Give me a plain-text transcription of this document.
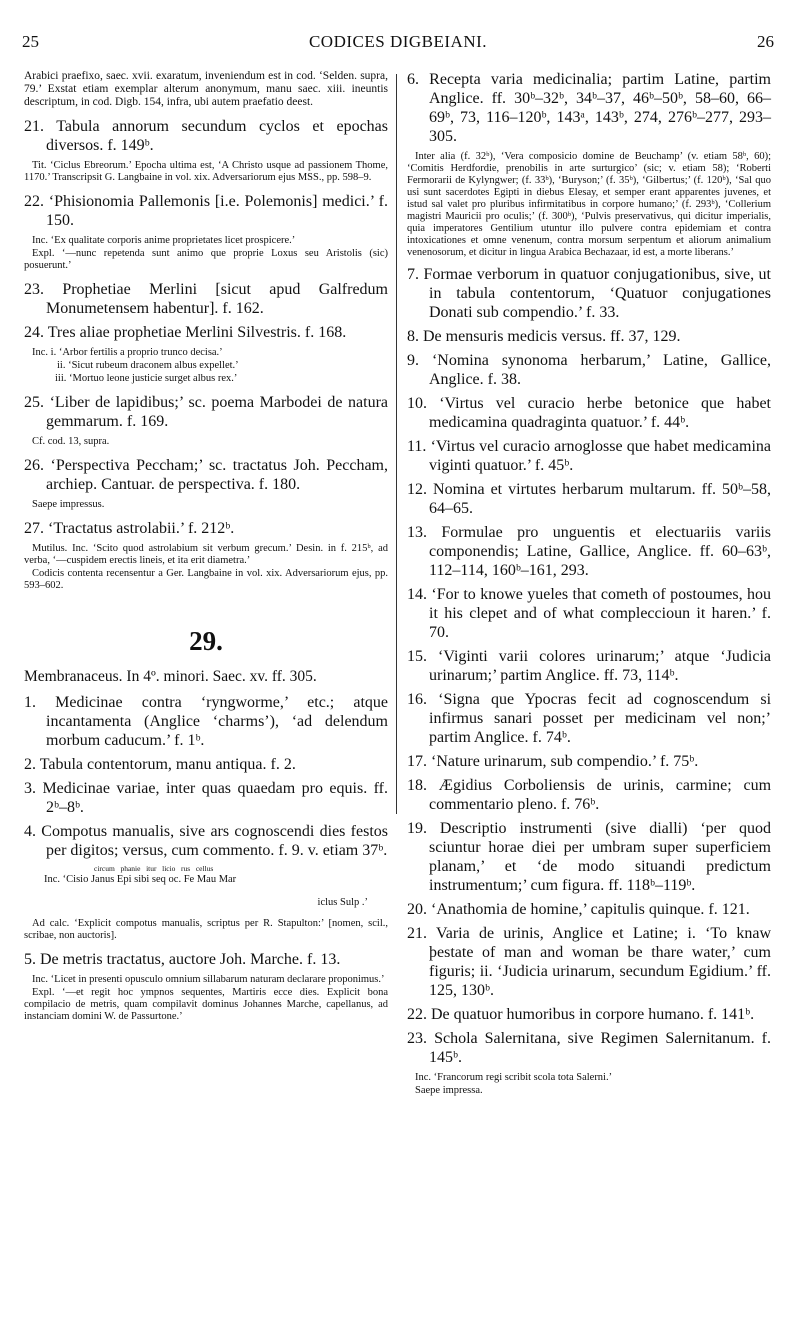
25	CODICES DIGBEIANI.	26

Arabici praefixo, saec. xvii. exaratum, inveniendum est in cod. ‘Selden. supra, 79.’ Exstat etiam exemplar alterum anonymum, manu saec. xiii. ineuntis descriptum, in cod. Digb. 154, infra, ubi autem praefatio deest.

21. Tabula annorum secundum cyclos et epochas diversos. f. 149ᵇ.

Tit. ‘Ciclus Ebreorum.’ Epocha ultima est, ‘A Christo usque ad passionem Thome, 1170.’ Transcripsit G. Langbaine in vol. xix. Adversariorum ejus MSS., pp. 598–9.

22. ‘Phisionomia Pallemonis [i.e. Polemonis] medici.’ f. 150.

Inc. ‘Ex qualitate corporis anime proprietates licet prospicere.’

Expl. ‘—nunc repetenda sunt animo que proprie Loxus seu Aristolis (sic) posuerunt.’

23. Prophetiae Merlini [sicut apud Galfredum Monumetensem habentur]. f. 162.

24. Tres aliae prophetiae Merlini Silvestris. f. 168.

Inc. i. ‘Arbor fertilis a proprio trunco decisa.’

ii. ‘Sicut rubeum draconem albus expellet.’

iii. ‘Mortuo leone justicie surget albus rex.’

25. ‘Liber de lapidibus;’ sc. poema Marbodei de natura gemmarum. f. 169.

Cf. cod. 13, supra.

26. ‘Perspectiva Peccham;’ sc. tractatus Joh. Peccham, archiep. Cantuar. de perspectiva. f. 180.

Saepe impressus.

27. ‘Tractatus astrolabii.’ f. 212ᵇ.

Mutilus. Inc. ‘Scito quod astrolabium sit verbum grecum.’ Desin. in f. 215ᵇ, ad verba, ‘—cuspidem erectis lineis, et ita erit diametra.’

Codicis contenta recensentur a Ger. Langbaine in vol. xix. Adversariorum ejus, pp. 593–602.

29.

Membranaceus. In 4º. minori. Saec. xv. ff. 305.

1. Medicinae contra ‘ryngworme,’ etc.; atque incantamenta (Anglice ‘charms’), ‘ad delendum morbum caducum.’ f. 1ᵇ.

2. Tabula contentorum, manu antiqua. f. 2.

3. Medicinae variae, inter quas quaedam pro equis. ff. 2ᵇ–8ᵇ.

4. Compotus manualis, sive ars cognoscendi dies festos per digitos; versus, cum commento. f. 9. v. etiam 37ᵇ.

circum   phanie   itur   licio   rus   cellus

Inc. ‘Cisio Janus Epi sibi seq oc. Fe Mau Mar

iclus Sulp .’

Ad calc. ‘Explicit compotus manualis, scriptus per R. Stapulton:’ [nomen, scil., scribae, non auctoris].

5. De metris tractatus, auctore Joh. Marche. f. 13.

Inc. ‘Licet in presenti opusculo omnium sillabarum naturam declarare proponimus.’

Expl. ‘—et regit hoc ympnos sequentes, Martiris ecce dies. Explicit bona compilacio de metris, quam compilavit dominus Johannes Marche, capellanus, ad instanciam domini W. de Passurtone.’

6. Recepta varia medicinalia; partim Latine, partim Anglice. ff. 30ᵇ–32ᵇ, 34ᵇ–37, 46ᵇ–50ᵇ, 58–60, 66–69ᵇ, 73, 116–120ᵇ, 143ᵃ, 143ᵇ, 274, 276ᵇ–277, 293–305.

Inter alia (f. 32ᵇ), ‘Vera composicio domine de Beuchamp’ (v. etiam 58ᵇ, 60); ‘Comitis Herdfordie, prenobilis in arte surturgico’ (sic; v. etiam 58); ‘Roberti Fermorarii de Kylyngwer; (f. 33ᵇ), ‘Buryson;’ (f. 35ᵇ), ‘Gilbertus;’ (f. 120ᵇ), ‘Sal quo usi sunt sacerdotes Egipti in diebus Elesay, et semper erant apparentes juvenes, et istud sal valet pro pluribus infirmitatibus in corpore humano;’ (f. 293ᵇ), ‘Collerium magistri Mauricii pro oculis;’ (f. 300ᵇ), ‘Pulvis preservativus, qui dicitur imperialis, quia imperatores Gentilium utuntur illo pulvere contra epidemiam et contra intoxicationes et omne venenum, contra morsum serpentum et aliorum animalium venenosorum, et dicitur in lingua Arabica Bechazaar, id est, a morte liberans.’

7. Formae verborum in quatuor conjugationibus, sive, ut in tabula contentorum, ‘Quatuor conjugationes Donati sub compendio.’ f. 33.

8. De mensuris medicis versus. ff. 37, 129.

9. ‘Nomina synonoma herbarum,’ Latine, Gallice, Anglice. f. 38.

10. ‘Virtus vel curacio herbe betonice que habet medicamina quadraginta quatuor.’ f. 44ᵇ.

11. ‘Virtus vel curacio arnoglosse que habet medicamina viginti quatuor.’ f. 45ᵇ.

12. Nomina et virtutes herbarum multarum. ff. 50ᵇ–58, 64–65.

13. Formulae pro unguentis et electuariis variis componendis; Latine, Gallice, Anglice. ff. 60–63ᵇ, 112–114, 160ᵇ–161, 293.

14. ‘For to knowe yueles that cometh of postoumes, hou it his clepet and of what compleccioun it haren.’ f. 70.

15. ‘Viginti varii colores urinarum;’ atque ‘Judicia urinarum;’ partim Anglice. ff. 73, 114ᵇ.

16. ‘Signa que Ypocras fecit ad cognoscendum si infirmus sanari posset per medicinam vel non;’ partim Anglice. f. 74ᵇ.

17. ‘Nature urinarum, sub compendio.’ f. 75ᵇ.

18. Ægidius Corboliensis de urinis, carmine; cum commentario pleno. f. 76ᵇ.

19. Descriptio instrumenti (sive dialli) ‘per quod sciuntur horae diei per umbram super superficiem planam,’ et ‘de modo situandi predictum instrumentum;’ cum figura. ff. 118ᵇ–119ᵇ.

20. ‘Anathomia de homine,’ capitulis quinque. f. 121.

21. Varia de urinis, Anglice et Latine; i. ‘To knaw þestate of man and woman be thare water,’ cum figuris; ii. ‘Judicia urinarum, secundum Egidium.’ ff. 125, 130ᵇ.

22. De quatuor humoribus in corpore humano. f. 141ᵇ.

23. Schola Salernitana, sive Regimen Salernitanum. f. 145ᵇ.

Inc. ‘Francorum regi scribit scola tota Salerni.’

Saepe impressa.
